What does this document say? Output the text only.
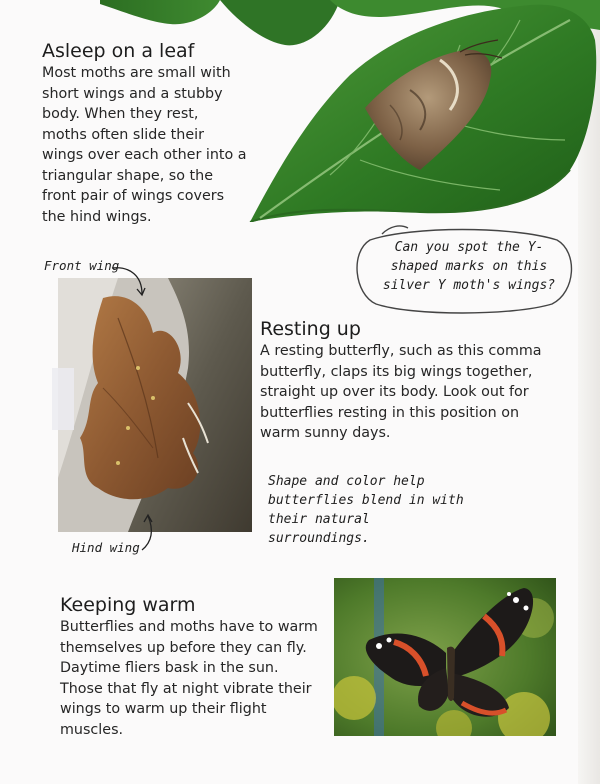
Asleep on a leaf

Most moths are small with short wings and a stubby body. When they rest, moths often slide their wings over each other into a triangular shape, so the front pair of wings covers the hind wings.

Can you spot the Y-shaped marks on this silver Y moth's wings?

Front wing
Hind wing
Resting up

A resting butterfly, such as this comma butterfly, claps its big wings together, straight up over its body. Look out for butterflies resting in this position on warm sunny days.

Shape and color help butterflies blend in with their natural surroundings.

Keeping warm

Butterflies and moths have to warm themselves up before they can fly. Daytime fliers bask in the sun. Those that fly at night vibrate their wings to warm up their flight muscles.
